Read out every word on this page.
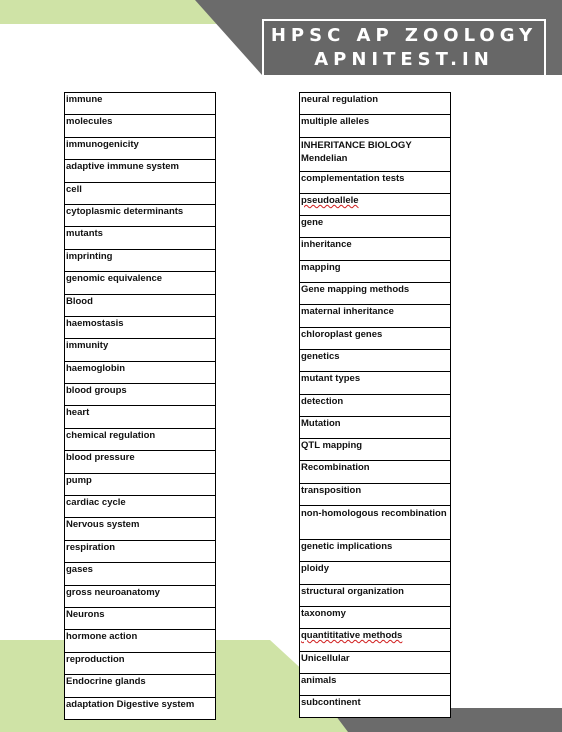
HPSC AP ZOOLOGY
APNITEST.IN
immune
molecules
immunogenicity
adaptive immune system
cell
cytoplasmic determinants
mutants
imprinting
genomic equivalence
Blood
haemostasis
immunity
haemoglobin
blood groups
heart
chemical regulation
blood pressure
pump
cardiac cycle
Nervous system
respiration
gases
gross neuroanatomy
Neurons
hormone action
reproduction
Endocrine glands
adaptation Digestive system
neural regulation
multiple alleles
INHERITANCE BIOLOGY Mendelian
complementation tests
pseudoallele
gene
inheritance
mapping
Gene mapping methods
maternal inheritance
chloroplast genes
genetics
mutant types
detection
Mutation
QTL mapping
Recombination
transposition
non-homologous recombination
genetic implications
ploidy
structural organization
taxonomy
quantititative methods
Unicellular
animals
subcontinent
